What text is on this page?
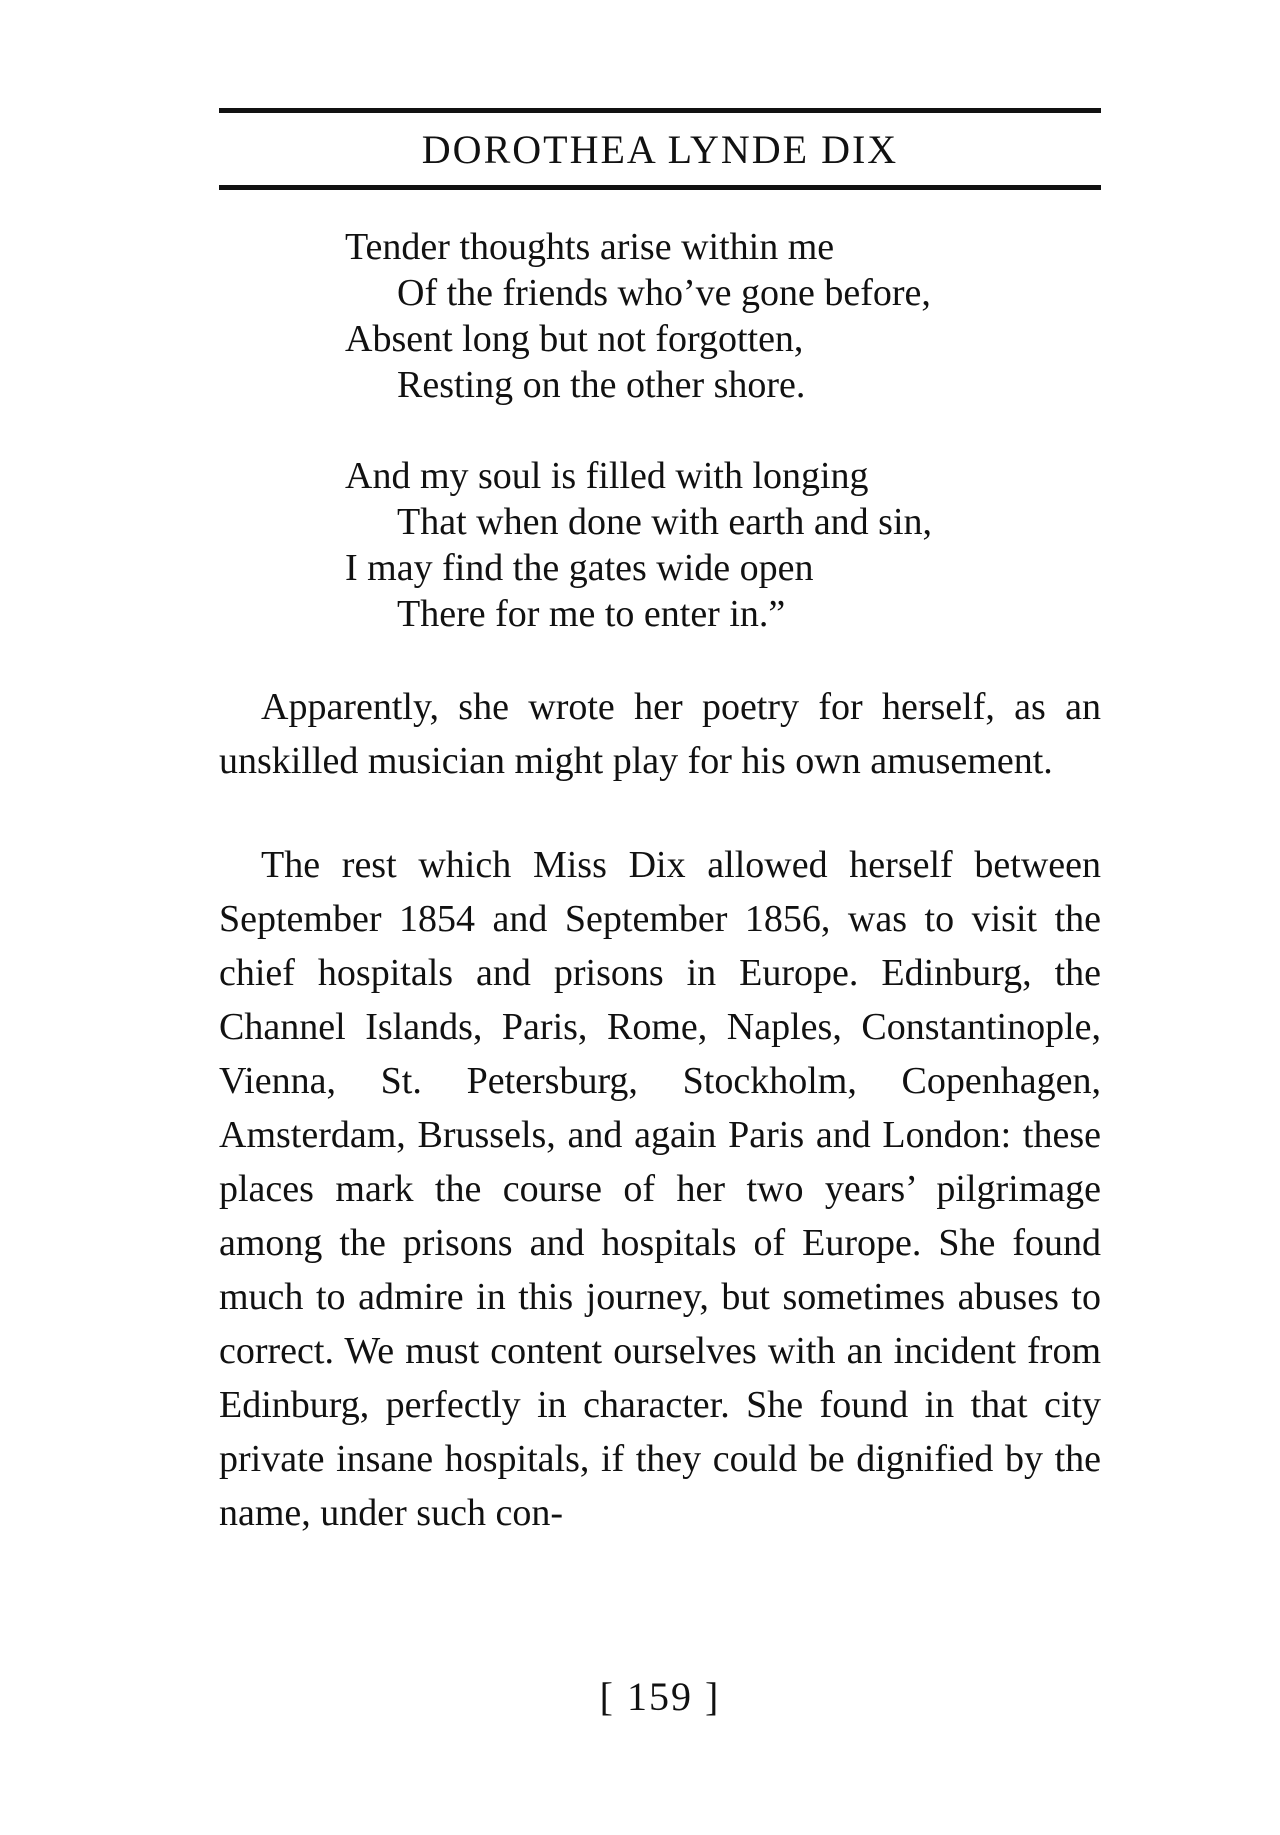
DOROTHEA LYNDE DIX
Tender thoughts arise within me
Of the friends who’ve gone before,
Absent long but not forgotten,
Resting on the other shore.
And my soul is filled with longing
That when done with earth and sin,
I may find the gates wide open
There for me to enter in.”

Apparently, she wrote her poetry for herself, as an unskilled musician might play for his own amusement.

The rest which Miss Dix allowed herself between September 1854 and September 1856, was to visit the chief hospitals and prisons in Europe. Edinburg, the Channel Islands, Paris, Rome, Naples, Constantinople, Vienna, St. Petersburg, Stockholm, Copenhagen, Amsterdam, Brussels, and again Paris and London: these places mark the course of her two years’ pilgrimage among the prisons and hospitals of Europe. She found much to admire in this journey, but sometimes abuses to correct. We must content ourselves with an incident from Edinburg, perfectly in character. She found in that city private insane hospitals, if they could be dignified by the name, under such con-

[ 159 ]
